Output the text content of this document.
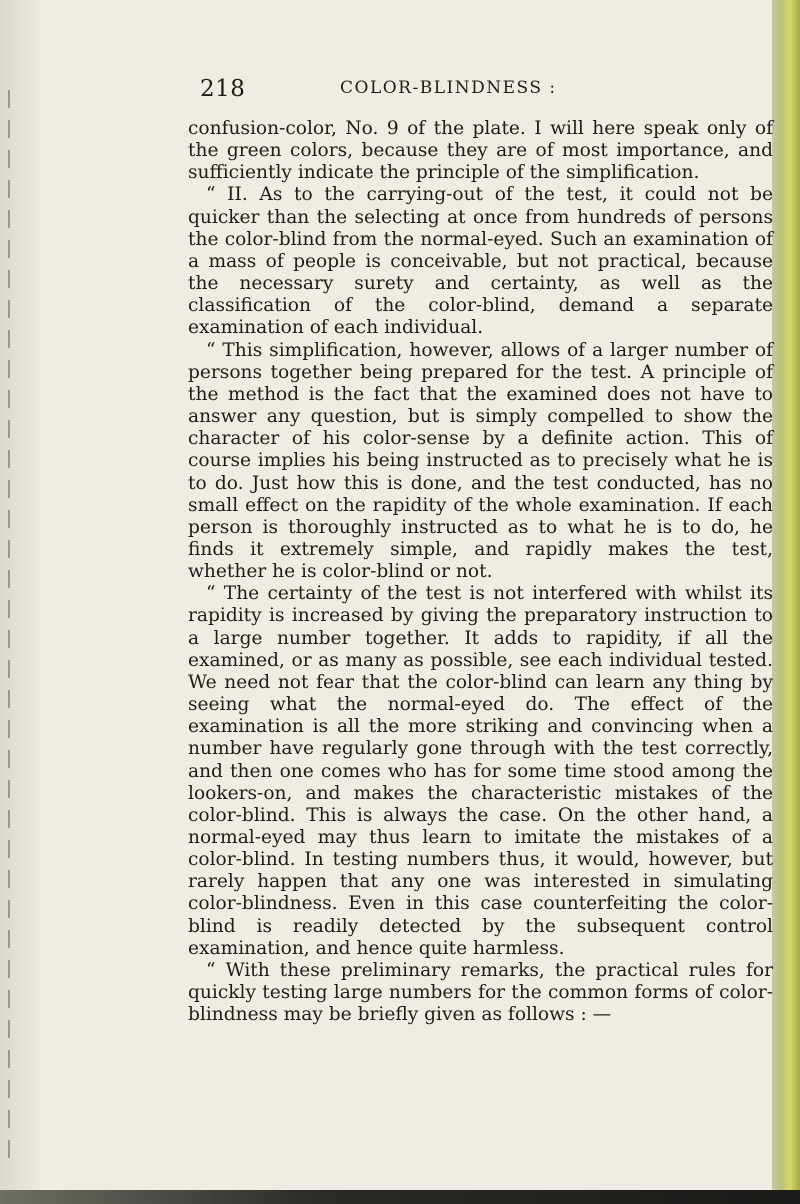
218	COLOR-BLINDNESS :

confusion-color, No. 9 of the plate. I will here speak only of the green colors, because they are of most importance, and sufficiently indicate the principle of the simplification.

“ II. As to the carrying-out of the test, it could not be quicker than the selecting at once from hundreds of persons the color-blind from the normal-eyed. Such an examination of a mass of people is conceivable, but not practical, because the necessary surety and certainty, as well as the classification of the color-blind, demand a separate examination of each individual.

“ This simplification, however, allows of a larger number of persons together being prepared for the test. A principle of the method is the fact that the examined does not have to answer any question, but is simply compelled to show the character of his color-sense by a definite action. This of course implies his being instructed as to precisely what he is to do. Just how this is done, and the test conducted, has no small effect on the rapidity of the whole examination. If each person is thoroughly instructed as to what he is to do, he finds it extremely simple, and rapidly makes the test, whether he is color-blind or not.

“ The certainty of the test is not interfered with whilst its rapidity is increased by giving the preparatory instruction to a large number together. It adds to rapidity, if all the examined, or as many as possible, see each individual tested. We need not fear that the color-blind can learn any thing by seeing what the normal-eyed do. The effect of the examination is all the more striking and convincing when a number have regularly gone through with the test correctly, and then one comes who has for some time stood among the lookers-on, and makes the characteristic mistakes of the color-blind. This is always the case. On the other hand, a normal-eyed may thus learn to imitate the mistakes of a color-blind. In testing numbers thus, it would, however, but rarely happen that any one was interested in simulating color-blindness. Even in this case counterfeiting the color-blind is readily detected by the subsequent control examination, and hence quite harmless.

“ With these preliminary remarks, the practical rules for quickly testing large numbers for the common forms of color-blindness may be briefly given as follows : —
